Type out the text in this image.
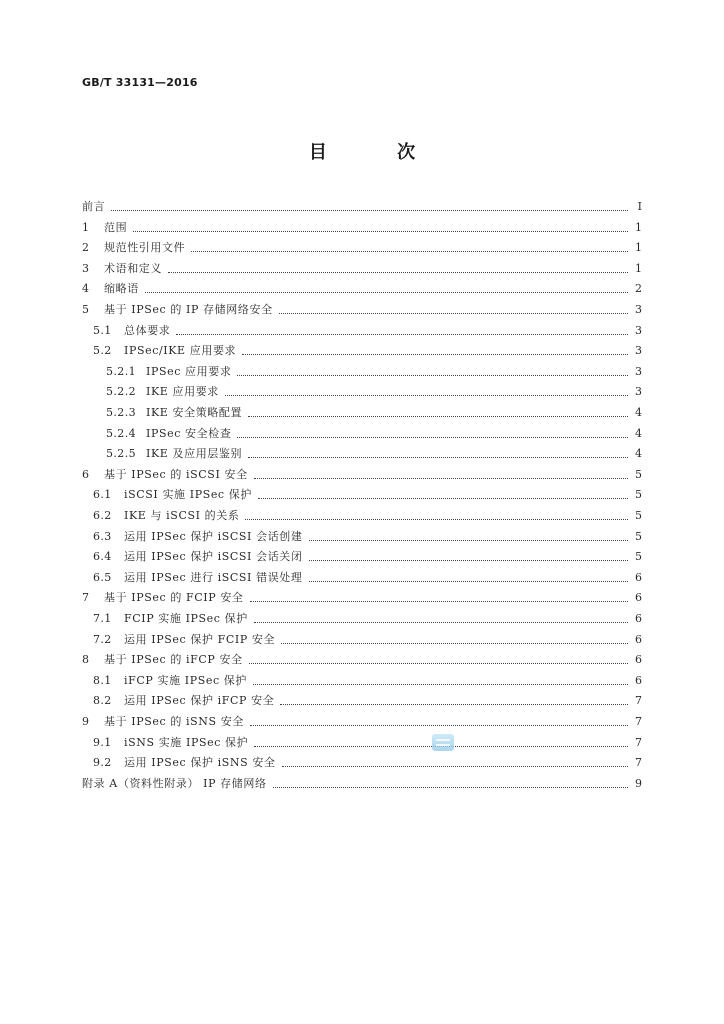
GB/T 33131—2016
目 次
前言	Ⅰ
1	范围	1
2	规范性引用文件	1
3	术语和定义	1
4	缩略语	2
5	基于 IPSec 的 IP 存储网络安全	3
5.1	总体要求	3
5.2	IPSec/IKE 应用要求	3
5.2.1 IPSec 应用要求	3
5.2.2 IKE 应用要求	3
5.2.3 IKE 安全策略配置	4
5.2.4 IPSec 安全检查	4
5.2.5 IKE 及应用层鉴别	4
6	基于 IPSec 的 iSCSI 安全	5
6.1	iSCSI 实施 IPSec 保护	5
6.2	IKE 与 iSCSI 的关系	5
6.3	运用 IPSec 保护 iSCSI 会话创建	5
6.4	运用 IPSec 保护 iSCSI 会话关闭	5
6.5	运用 IPSec 进行 iSCSI 错误处理	6
7	基于 IPSec 的 FCIP 安全	6
7.1	FCIP 实施 IPSec 保护	6
7.2	运用 IPSec 保护 FCIP 安全	6
8	基于 IPSec 的 iFCP 安全	6
8.1	iFCP 实施 IPSec 保护	6
8.2	运用 IPSec 保护 iFCP 安全	7
9	基于 IPSec 的 iSNS 安全	7
9.1	iSNS 实施 IPSec 保护	7
9.2	运用 IPSec 保护 iSNS 安全	7
附录 A（资料性附录） IP 存储网络	9
